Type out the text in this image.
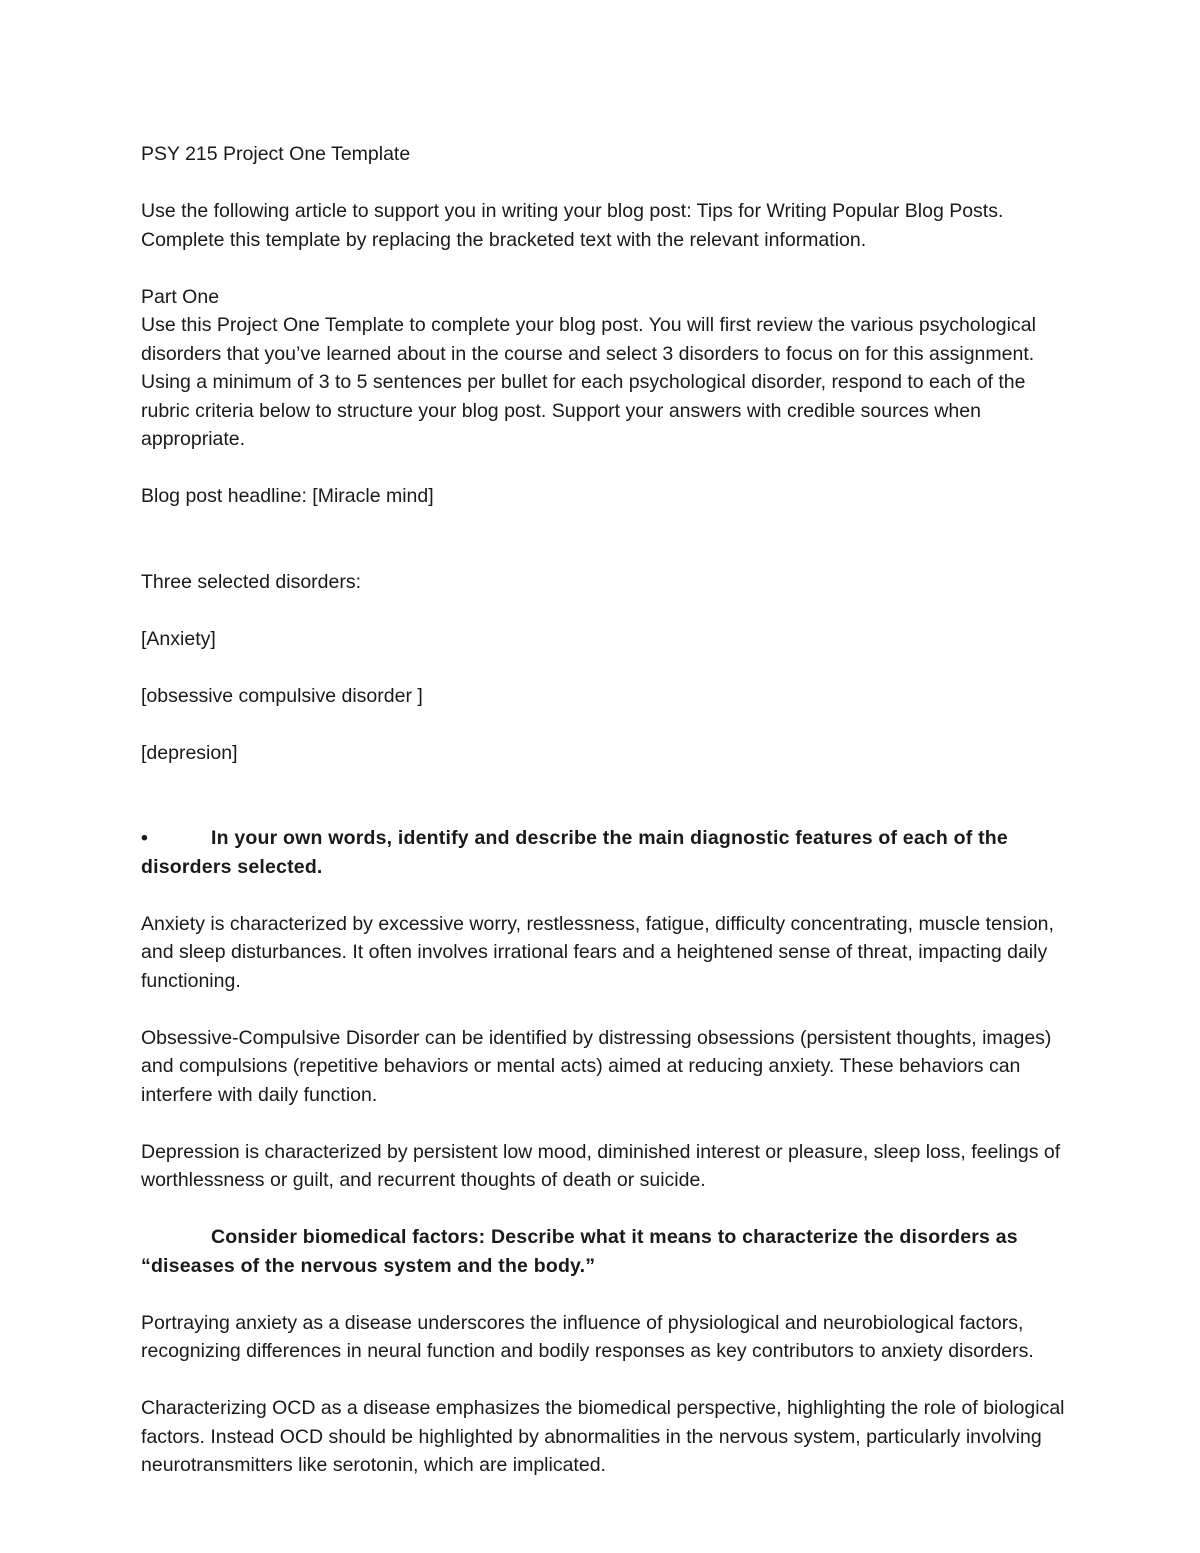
PSY 215 Project One Template

Use the following article to support you in writing your blog post: Tips for Writing Popular Blog Posts. Complete this template by replacing the bracketed text with the relevant information.

Part One

Use this Project One Template to complete your blog post. You will first review the various psychological disorders that you’ve learned about in the course and select 3 disorders to focus on for this assignment. Using a minimum of 3 to 5 sentences per bullet for each psychological disorder, respond to each of the rubric criteria below to structure your blog post. Support your answers with credible sources when appropriate.

Blog post headline: [Miracle mind]

Three selected disorders:

[Anxiety]

[obsessive compulsive disorder ]

[depresion]

•	In your own words, identify and describe the main diagnostic features of each of the disorders selected.

Anxiety is characterized by excessive worry, restlessness, fatigue, difficulty concentrating, muscle tension, and sleep disturbances. It often involves irrational fears and a heightened sense of threat, impacting daily functioning.

Obsessive-Compulsive Disorder can be identified by distressing obsessions (persistent thoughts, images) and compulsions (repetitive behaviors or mental acts) aimed at reducing anxiety. These behaviors can interfere with daily function.

Depression is characterized by persistent low mood, diminished interest or pleasure, sleep loss, feelings of worthlessness or guilt, and recurrent thoughts of death or suicide.

Consider biomedical factors: Describe what it means to characterize the disorders as “diseases of the nervous system and the body.”

Portraying anxiety as a disease underscores the influence of physiological and neurobiological factors, recognizing differences in neural function and bodily responses as key contributors to anxiety disorders.

Characterizing OCD as a disease emphasizes the biomedical perspective, highlighting the role of biological factors. Instead OCD should be highlighted by abnormalities in the nervous system, particularly involving neurotransmitters like serotonin, which are implicated.
